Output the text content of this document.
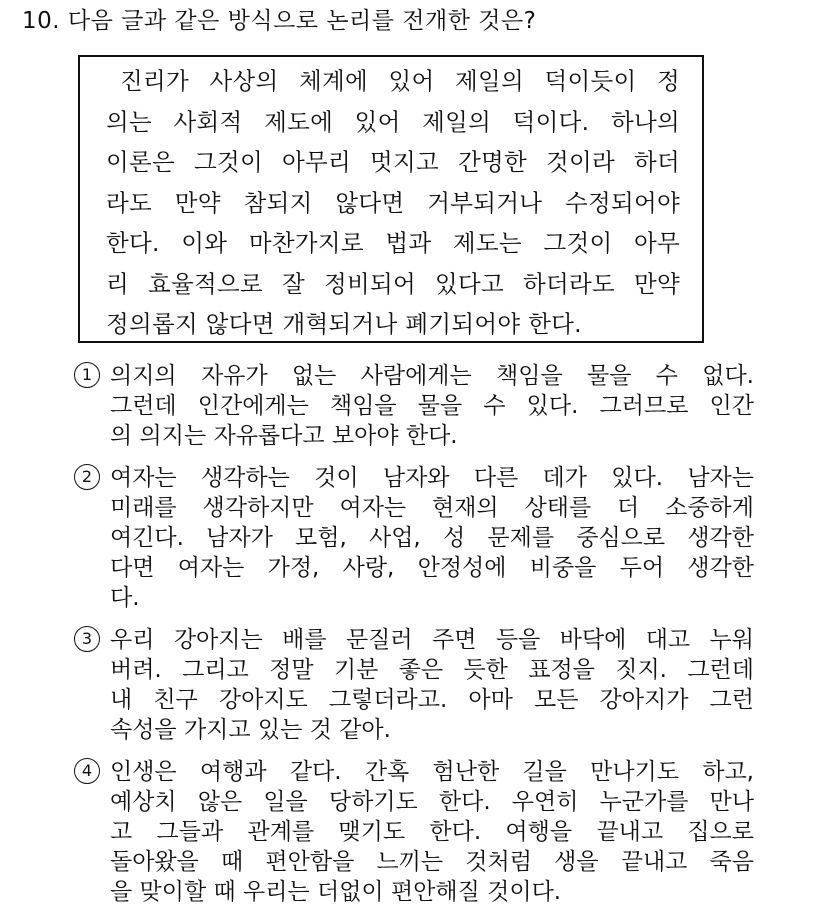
10. 다음 글과 같은 방식으로 논리를 전개한 것은?
진리가 사상의 체계에 있어 제일의 덕이듯이 정
의는 사회적 제도에 있어 제일의 덕이다. 하나의
이론은 그것이 아무리 멋지고 간명한 것이라 하더
라도 만약 참되지 않다면 거부되거나 수정되어야
한다. 이와 마찬가지로 법과 제도는 그것이 아무
리 효율적으로 잘 정비되어 있다고 하더라도 만약
정의롭지 않다면 개혁되거나 폐기되어야 한다.
1 의지의 자유가 없는 사람에게는 책임을 물을 수 없다.
그런데 인간에게는 책임을 물을 수 있다. 그러므로 인간
의 의지는 자유롭다고 보아야 한다.
2 여자는 생각하는 것이 남자와 다른 데가 있다. 남자는
미래를 생각하지만 여자는 현재의 상태를 더 소중하게
여긴다. 남자가 모험, 사업, 성 문제를 중심으로 생각한
다면 여자는 가정, 사랑, 안정성에 비중을 두어 생각한
다.
3 우리 강아지는 배를 문질러 주면 등을 바닥에 대고 누워
버려. 그리고 정말 기분 좋은 듯한 표정을 짓지. 그런데
내 친구 강아지도 그렇더라고. 아마 모든 강아지가 그런
속성을 가지고 있는 것 같아.
4 인생은 여행과 같다. 간혹 험난한 길을 만나기도 하고,
예상치 않은 일을 당하기도 한다. 우연히 누군가를 만나
고 그들과 관계를 맺기도 한다. 여행을 끝내고 집으로
돌아왔을 때 편안함을 느끼는 것처럼 생을 끝내고 죽음
을 맞이할 때 우리는 더없이 편안해질 것이다.
